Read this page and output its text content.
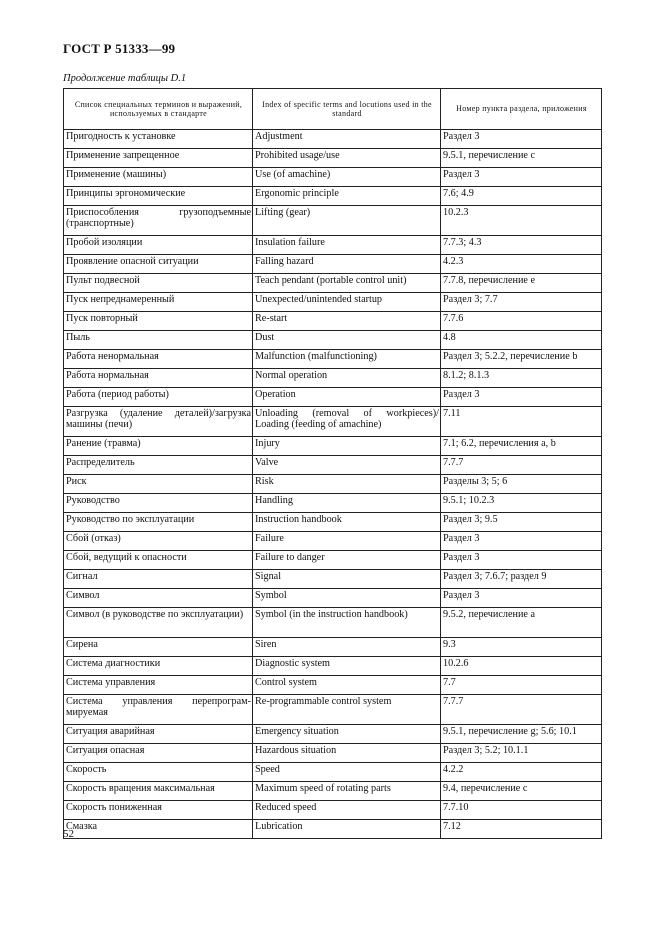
ГОСТ Р 51333—99
Продолжение таблицы D.1
Список специальных терминов и выражений, используемых в стандарте	Index of specific terms and locutions used in the standard	Номер пункта раздела, приложения
Пригодность к установке	Adjustment	Раздел 3
Применение запрещенное	Prohibited usage/use	9.5.1, перечисление с
Применение (машины)	Use (of amachine)	Раздел 3
Принципы эргономические	Ergonomic principle	7.6; 4.9
Приспособления грузоподъемные (транспортные)	Lifting (gear)	10.2.3
Пробой изоляции	Insulation failure	7.7.3; 4.3
Проявление опасной ситуации	Falling hazard	4.2.3
Пульт подвесной	Teach pendant (portable control unit)	7.7.8, перечисление е
Пуск непреднамеренный	Unexpected/unintended startup	Раздел 3; 7.7
Пуск повторный	Re-start	7.7.6
Пыль	Dust	4.8
Работа ненормальная	Malfunction (malfunctioning)	Раздел 3; 5.2.2, перечисление b
Работа нормальная	Normal operation	8.1.2; 8.1.3
Работа (период работы)	Operation	Раздел 3
Разгрузка (удаление деталей)/загрузка машины (печи)	Unloading (removal of workpieces)/ Loading (feeding of amachine)	7.11
Ранение (травма)	Injury	7.1; 6.2, перечисления а, b
Распределитель	Valve	7.7.7
Риск	Risk	Разделы 3; 5; 6
Руководство	Handling	9.5.1; 10.2.3
Руководство по эксплуатации	Instruction handbook	Раздел 3; 9.5
Сбой (отказ)	Failure	Раздел 3
Сбой, ведущий к опасности	Failure to danger	Раздел 3
Сигнал	Signal	Раздел 3; 7.6.7; раздел 9
Символ	Symbol	Раздел 3
Символ (в руководстве по эксплуатации)	Symbol (in the instruction handbook)	9.5.2, перечисление а
Сирена	Siren	9.3
Система диагностики	Diagnostic system	10.2.6
Система управления	Control system	7.7
Система управления перепрограм-мируемая	Re-programmable control system	7.7.7
Ситуация аварийная	Emergency situation	9.5.1, перечисление g; 5.6; 10.1
Ситуация опасная	Hazardous situation	Раздел 3; 5.2; 10.1.1
Скорость	Speed	4.2.2
Скорость вращения максимальная	Maximum speed of rotating parts	9.4, перечисление с
Скорость пониженная	Reduced speed	7.7.10
Смазка	Lubrication	7.12
52
